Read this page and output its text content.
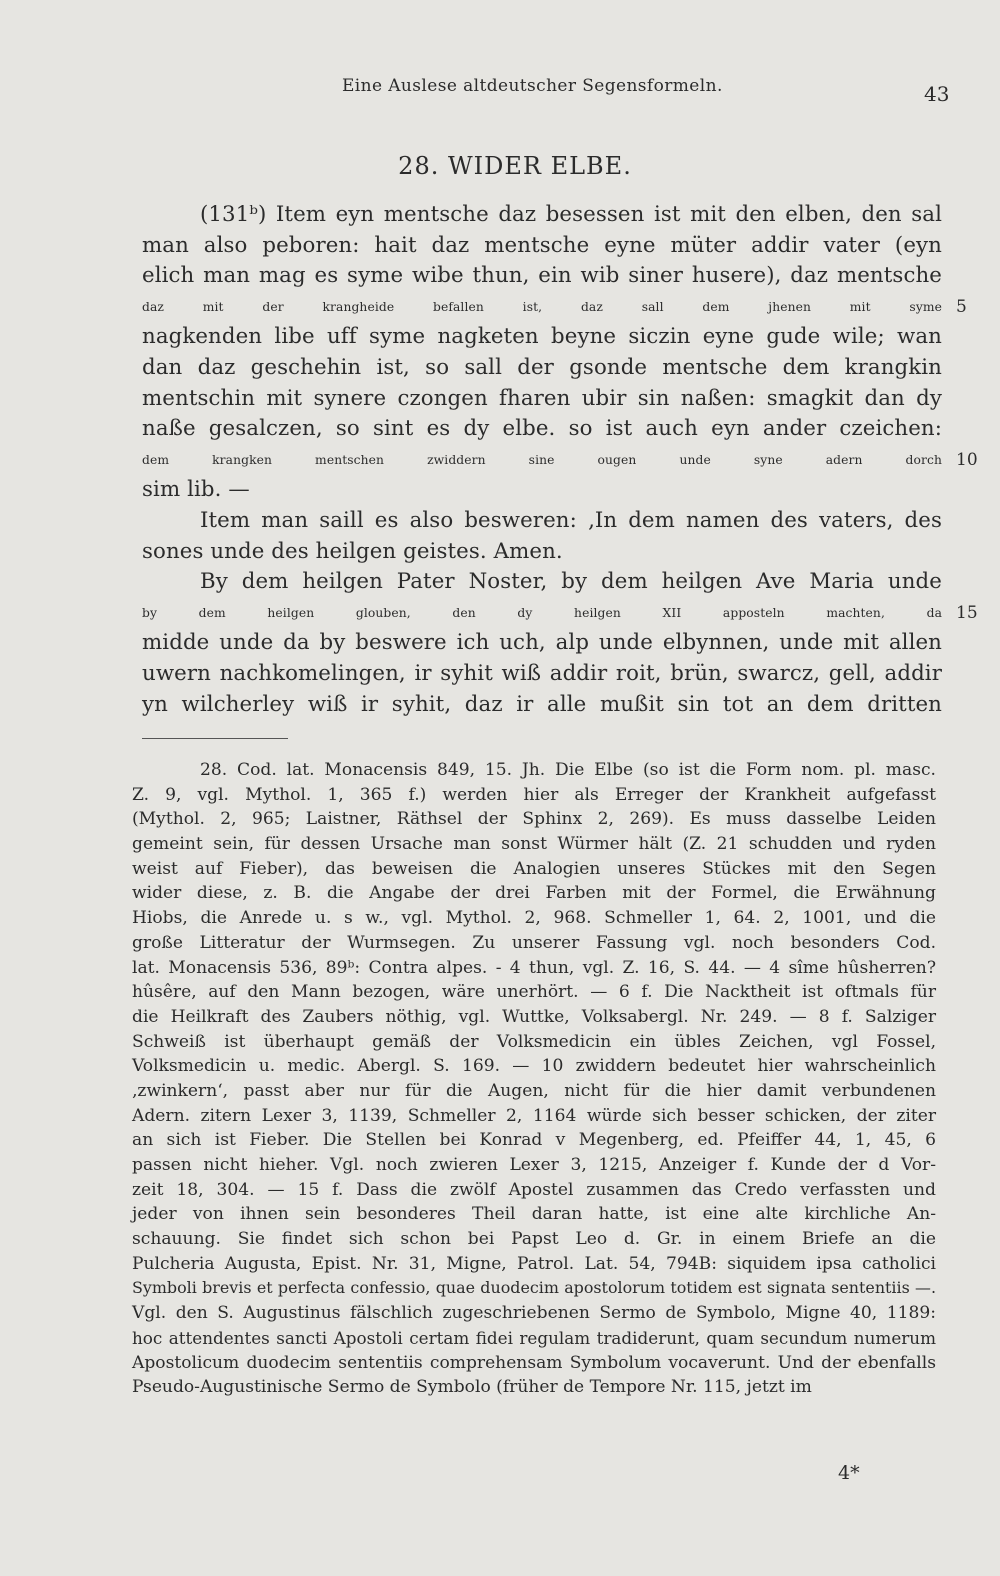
Eine Auslese altdeutscher Segensformeln.	43
28. WIDER ELBE.
(131ᵇ) Item eyn mentsche daz besessen ist mit den elben, den sal
man also peboren: hait daz mentsche eyne müter addir vater (eyn
elich man mag es syme wibe thun, ein wib siner husere), daz mentsche
daz mit der krangheide befallen ist, daz sall dem jhenen mit syme 5
nagkenden libe uff syme nagketen beyne siczin eyne gude wile; wan
dan daz geschehin ist, so sall der gsonde mentsche dem krangkin
mentschin mit synere czongen fharen ubir sin naßen: smagkit dan dy
naße gesalczen, so sint es dy elbe. so ist auch eyn ander czeichen:
dem krangken mentschen zwiddern sine ougen unde syne adern dorch 10
sim lib. —
Item man saill es also besweren: ‚In dem namen des vaters, des
sones unde des heilgen geistes. Amen.
By dem heilgen Pater Noster, by dem heilgen Ave Maria unde
by dem heilgen glouben, den dy heilgen XII apposteln machten, da 15
midde unde da by beswere ich uch, alp unde elbynnen, unde mit allen
uwern nachkomelingen, ir syhit wiß addir roit, brün, swarcz, gell, addir
yn wilcherley wiß ir syhit, daz ir alle mußit sin tot an dem dritten
28. Cod. lat. Monacensis 849, 15. Jh. Die Elbe (so ist die Form nom. pl. masc.
Z. 9, vgl. Mythol. 1, 365 f.) werden hier als Erreger der Krankheit aufgefasst
(Mythol. 2, 965; Laistner, Räthsel der Sphinx 2, 269). Es muss dasselbe Leiden
gemeint sein, für dessen Ursache man sonst Würmer hält (Z. 21 schudden und ryden
weist auf Fieber), das beweisen die Analogien unseres Stückes mit den Segen
wider diese, z. B. die Angabe der drei Farben mit der Formel, die Erwähnung
Hiobs, die Anrede u. s w., vgl. Mythol. 2, 968. Schmeller 1, 64. 2, 1001, und die
große Litteratur der Wurmsegen. Zu unserer Fassung vgl. noch besonders Cod.
lat. Monacensis 536, 89ᵇ: Contra alpes. - 4 thun, vgl. Z. 16, S. 44. — 4 sîme hûsherren?
hûsêre, auf den Mann bezogen, wäre unerhört. — 6 f. Die Nacktheit ist oftmals für
die Heilkraft des Zaubers nöthig, vgl. Wuttke, Volksabergl. Nr. 249. — 8 f. Salziger
Schweiß ist überhaupt gemäß der Volksmedicin ein übles Zeichen, vgl Fossel,
Volksmedicin u. medic. Abergl. S. 169. — 10 zwiddern bedeutet hier wahrscheinlich
‚zwinkern‘, passt aber nur für die Augen, nicht für die hier damit verbundenen
Adern. zitern Lexer 3, 1139, Schmeller 2, 1164 würde sich besser schicken, der ziter
an sich ist Fieber. Die Stellen bei Konrad v Megenberg, ed. Pfeiffer 44, 1, 45, 6
passen nicht hieher. Vgl. noch zwieren Lexer 3, 1215, Anzeiger f. Kunde der d Vor-
zeit 18, 304. — 15 f. Dass die zwölf Apostel zusammen das Credo verfassten und
jeder von ihnen sein besonderes Theil daran hatte, ist eine alte kirchliche An-
schauung. Sie findet sich schon bei Papst Leo d. Gr. in einem Briefe an die
Pulcheria Augusta, Epist. Nr. 31, Migne, Patrol. Lat. 54, 794B: siquidem ipsa catholici
Symboli brevis et perfecta confessio, quae duodecim apostolorum totidem est signata sententiis —.
Vgl. den S. Augustinus fälschlich zugeschriebenen Sermo de Symbolo, Migne 40, 1189:
hoc attendentes sancti Apostoli certam fidei regulam tradiderunt, quam secundum numerum
Apostolicum duodecim sententiis comprehensam Symbolum vocaverunt. Und der ebenfalls
Pseudo-Augustinische Sermo de Symbolo (früher de Tempore Nr. 115, jetzt im
4*
